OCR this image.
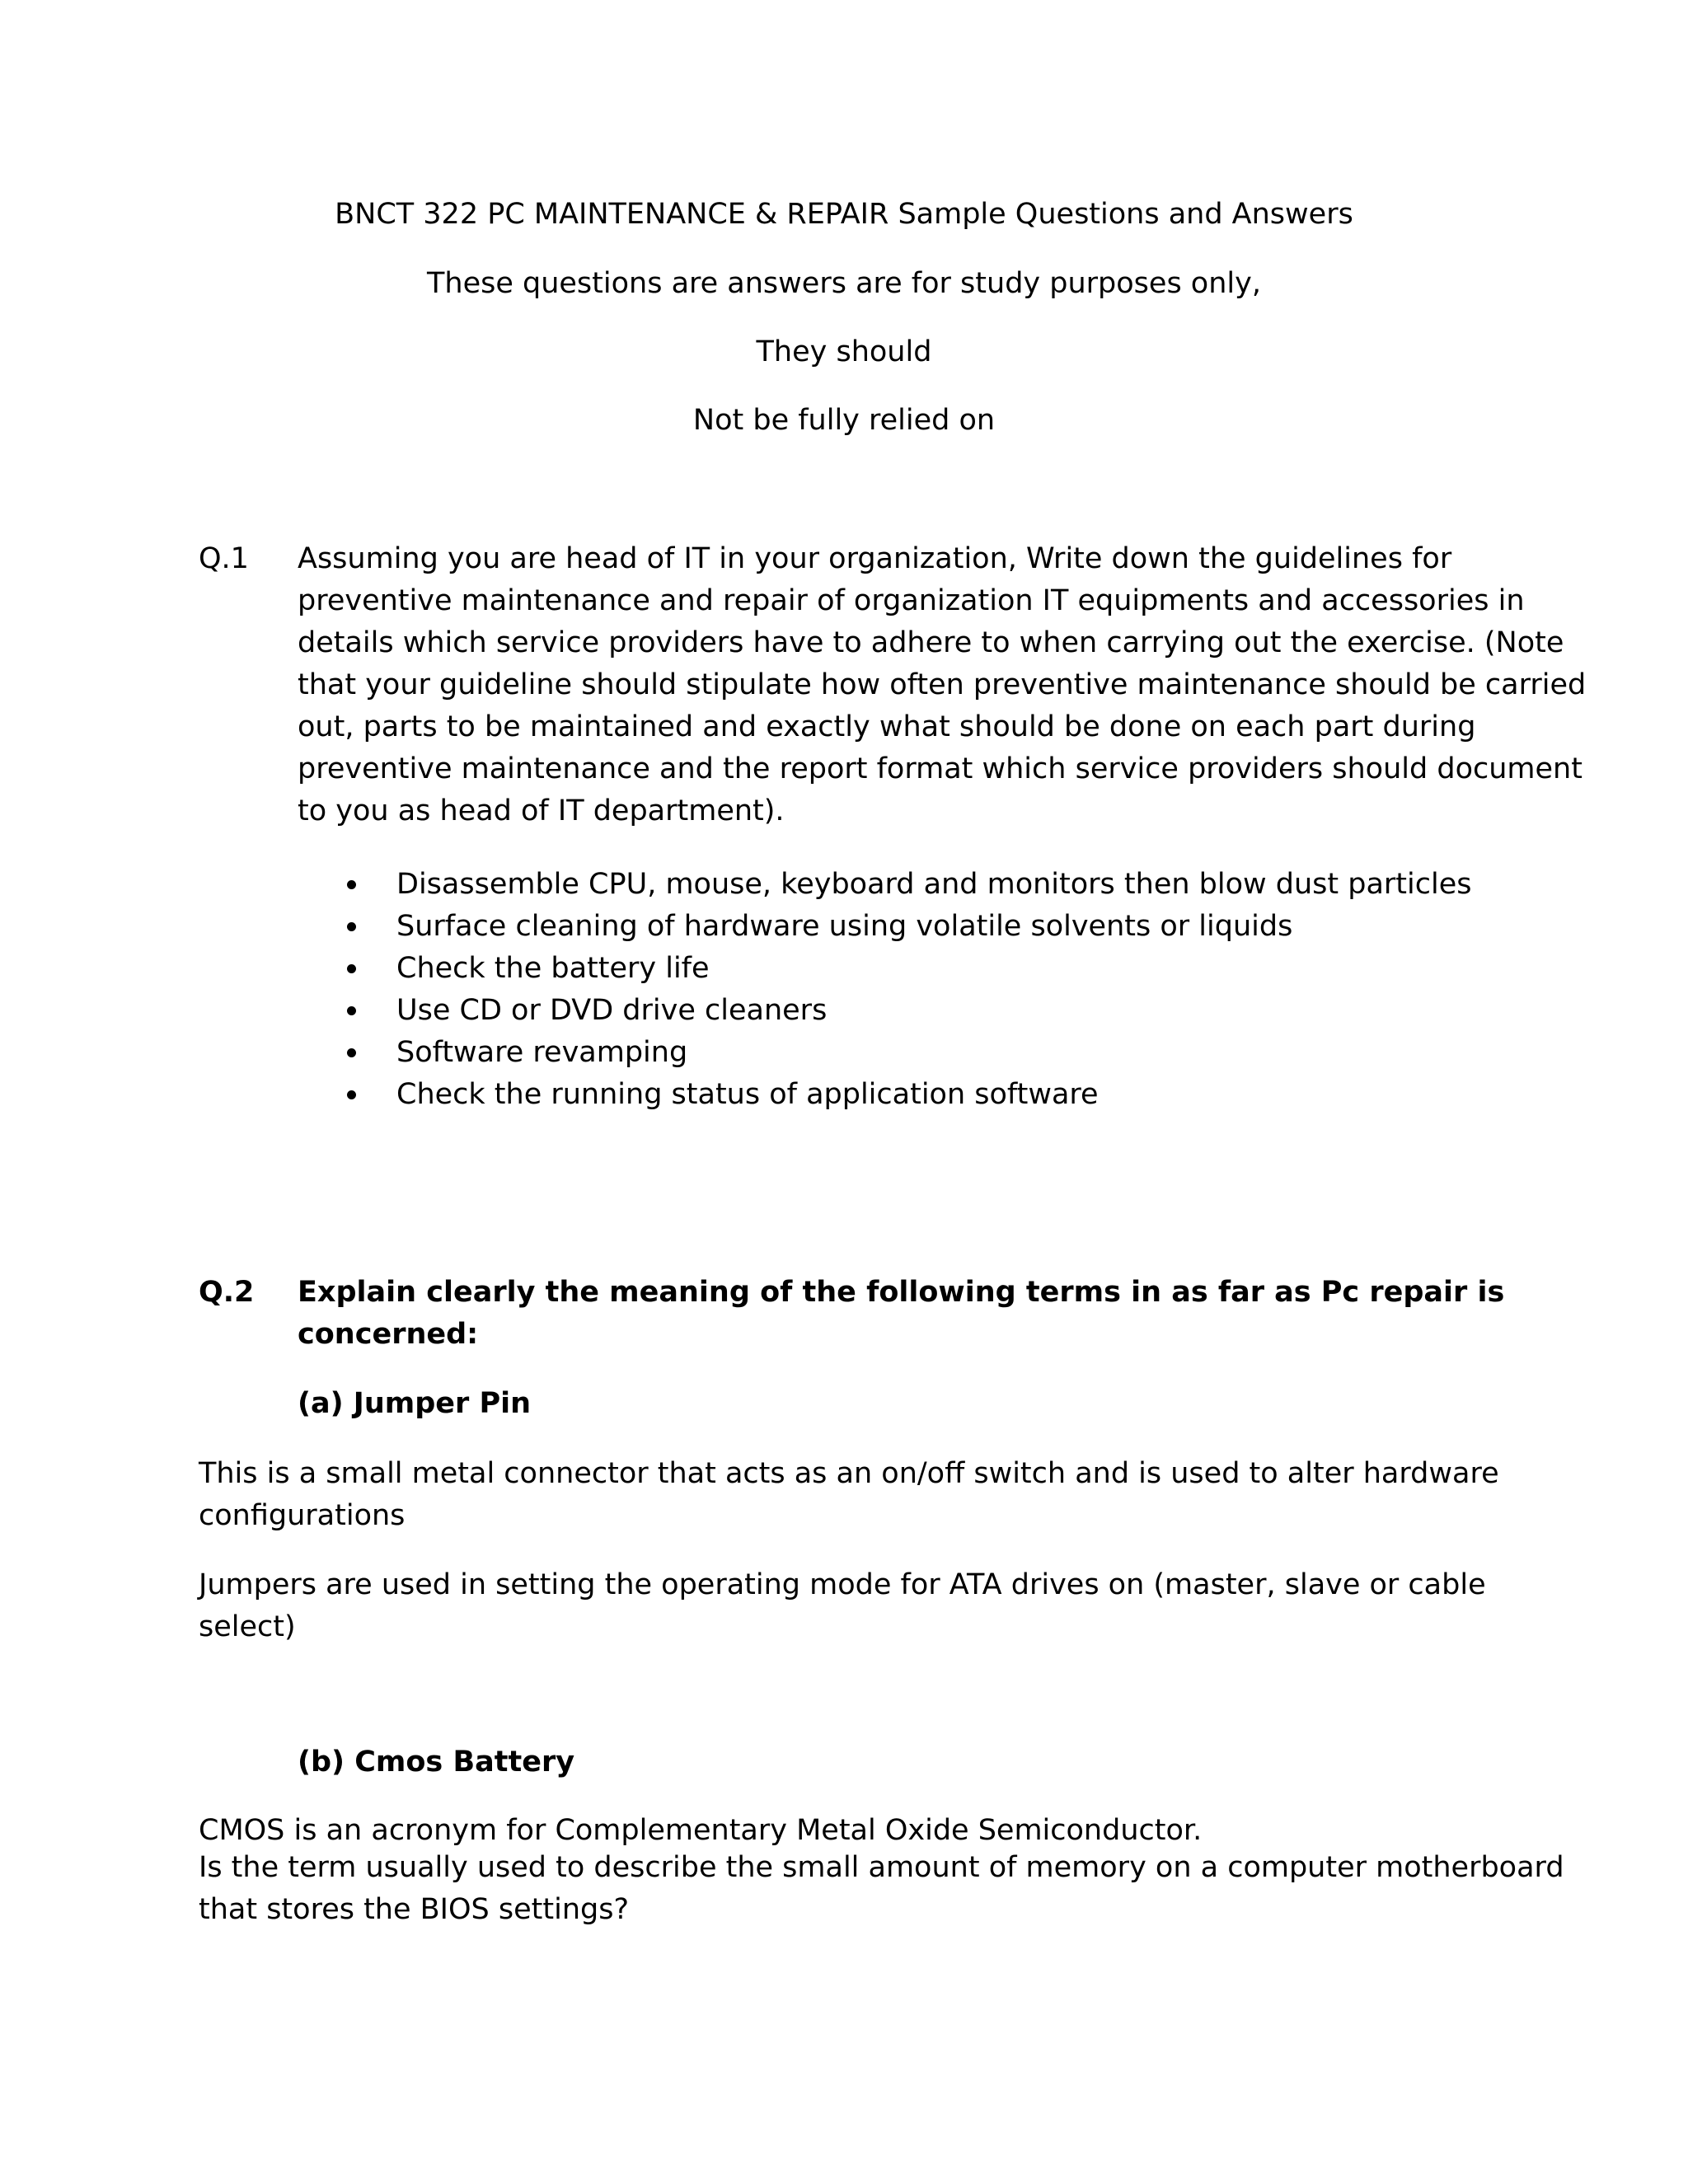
BNCT 322 PC MAINTENANCE & REPAIR Sample Questions and Answers
These questions are answers are for study purposes only,
They should
Not be fully relied on
Q.1 Assuming you are head of IT in your organization, Write down the guidelines for
preventive maintenance and repair of organization IT equipments and accessories in
details which service providers have to adhere to when carrying out the exercise. (Note
that your guideline should stipulate how often preventive maintenance should be carried
out, parts to be maintained and exactly what should be done on each part during
preventive maintenance and the report format which service providers should document
to you as head of IT department).
Disassemble CPU, mouse, keyboard and monitors then blow dust particles
Surface cleaning of hardware using volatile solvents or liquids
Check the battery life
Use CD or DVD drive cleaners
Software revamping
Check the running status of application software
Q.2 Explain clearly the meaning of the following terms in as far as Pc repair is
concerned:
(a) Jumper Pin
This is a small metal connector that acts as an on/off switch and is used to alter hardware
configurations
Jumpers are used in setting the operating mode for ATA drives on (master, slave or cable
select)
(b) Cmos Battery
CMOS is an acronym for Complementary Metal Oxide Semiconductor.
Is the term usually used to describe the small amount of memory on a computer motherboard
that stores the BIOS settings?
